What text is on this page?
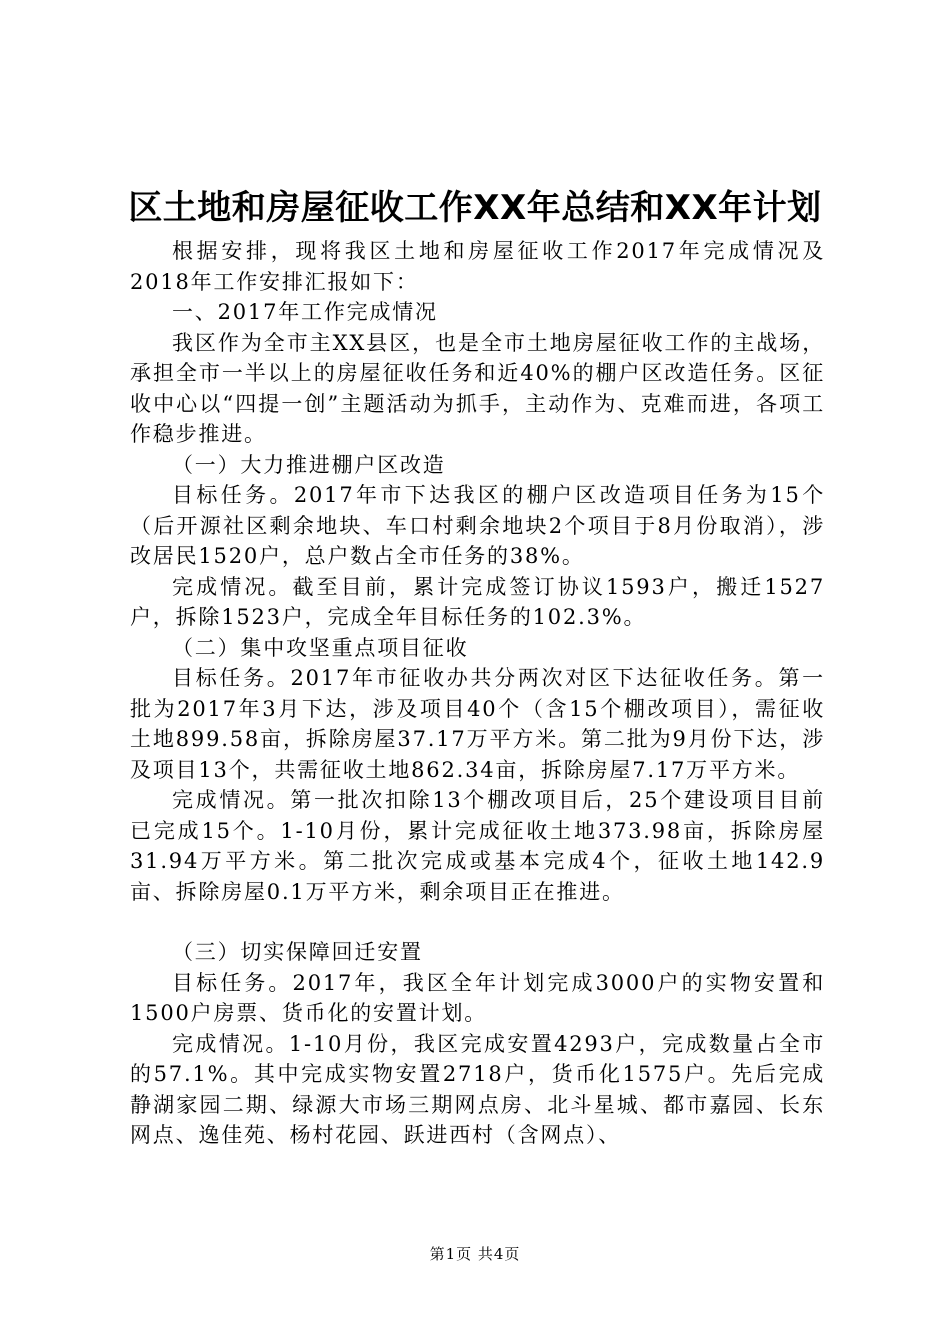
区土地和房屋征收工作XX年总结和XX年计划

根据安排，现将我区土地和房屋征收工作2017年完成情况及2018年工作安排汇报如下：

一、2017年工作完成情况

我区作为全市主XX县区，也是全市土地房屋征收工作的主战场，承担全市一半以上的房屋征收任务和近40%的棚户区改造任务。区征收中心以“四提一创”主题活动为抓手，主动作为、克难而进，各项工作稳步推进。

（一）大力推进棚户区改造

目标任务。2017年市下达我区的棚户区改造项目任务为15个（后开源社区剩余地块、车口村剩余地块2个项目于8月份取消），涉改居民1520户，总户数占全市任务的38%。

完成情况。截至目前，累计完成签订协议1593户，搬迁1527户，拆除1523户，完成全年目标任务的102.3%。

（二）集中攻坚重点项目征收

目标任务。2017年市征收办共分两次对区下达征收任务。第一批为2017年3月下达，涉及项目40个（含15个棚改项目），需征收土地899.58亩，拆除房屋37.17万平方米。第二批为9月份下达，涉及项目13个，共需征收土地862.34亩，拆除房屋7.17万平方米。

完成情况。第一批次扣除13个棚改项目后，25个建设项目目前已完成15个。1-10月份，累计完成征收土地373.98亩，拆除房屋31.94万平方米。第二批次完成或基本完成4个，征收土地142.9亩、拆除房屋0.1万平方米，剩余项目正在推进。

（三）切实保障回迁安置

目标任务。2017年，我区全年计划完成3000户的实物安置和1500户房票、货币化的安置计划。

完成情况。1-10月份，我区完成安置4293户，完成数量占全市的57.1%。其中完成实物安置2718户，货币化1575户。先后完成静湖家园二期、绿源大市场三期网点房、北斗星城、都市嘉园、长东网点、逸佳苑、杨村花园、跃进西村（含网点）、

第1页 共4页
